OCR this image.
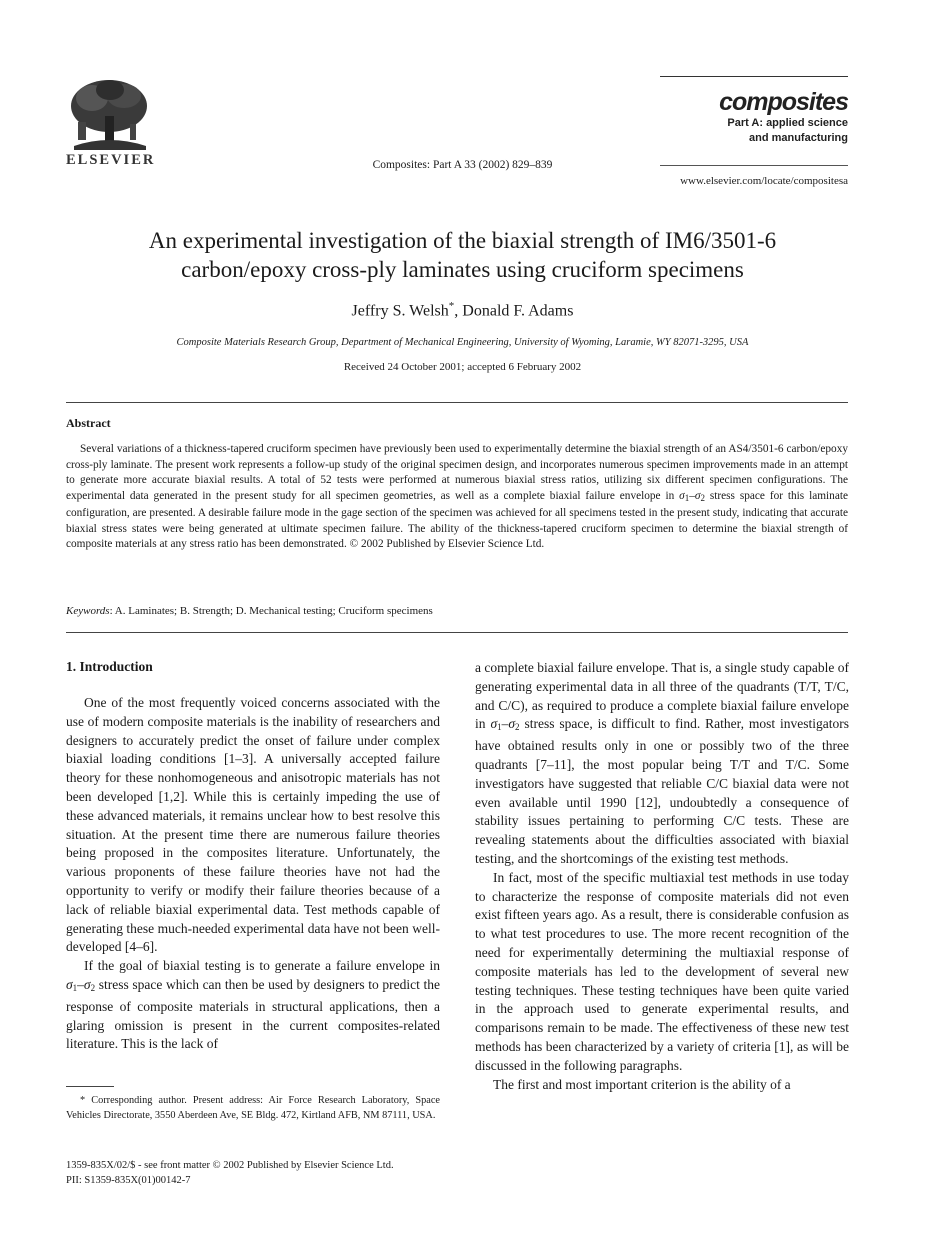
ELSEVIER	Composites: Part A 33 (2002) 829–839
composites
Part A: applied science
and manufacturing
www.elsevier.com/locate/compositesa
An experimental investigation of the biaxial strength of IM6/3501-6
carbon/epoxy cross-ply laminates using cruciform specimens
Jeffry S. Welsh*, Donald F. Adams
Composite Materials Research Group, Department of Mechanical Engineering, University of Wyoming, Laramie, WY 82071-3295, USA
Received 24 October 2001; accepted 6 February 2002
Abstract
Several variations of a thickness-tapered cruciform specimen have previously been used to experimentally determine the biaxial strength of an AS4/3501-6 carbon/epoxy cross-ply laminate. The present work represents a follow-up study of the original specimen design, and incorporates numerous specimen improvements made in an attempt to generate more accurate biaxial results. A total of 52 tests were performed at numerous biaxial stress ratios, utilizing six different specimen configurations. The experimental data generated in the present study for all specimen geometries, as well as a complete biaxial failure envelope in $\sigma_1-\sigma_2$ stress space for this laminate configuration, are presented. A desirable failure mode in the gage section of the specimen was achieved for all specimens tested in the present study, indicating that accurate biaxial stress states were being generated at ultimate specimen failure. The ability of the thickness-tapered cruciform specimen to determine the biaxial strength of composite materials at any stress ratio has been demonstrated. © 2002 Published by Elsevier Science Ltd.
Keywords: A. Laminates; B. Strength; D. Mechanical testing; Cruciform specimens
1. Introduction

One of the most frequently voiced concerns associated with the use of modern composite materials is the inability of researchers and designers to accurately predict the onset of failure under complex biaxial loading conditions [1–3]. A universally accepted failure theory for these nonhomogeneous and anisotropic materials has not been developed [1,2]. While this is certainly impeding the use of these advanced materials, it remains unclear how to best resolve this situation. At the present time there are numerous failure theories being proposed in the composites literature. Unfortunately, the various proponents of these failure theories have not had the opportunity to verify or modify their failure theories because of a lack of reliable biaxial experimental data. Test methods capable of generating these much-needed experimental data have not been well-developed [4–6].

If the goal of biaxial testing is to generate a failure envelope in $\sigma_1-\sigma_2$ stress space which can then be used by designers to predict the response of composite materials in structural applications, then a glaring omission is present in the current composites-related literature. This is the lack of

* Corresponding author. Present address: Air Force Research Laboratory, Space Vehicles Directorate, 3550 Aberdeen Ave, SE Bldg. 472, Kirtland AFB, NM 87111, USA.
1359-835X/02/$ - see front matter © 2002 Published by Elsevier Science Ltd.
PII: S1359-835X(01)00142-7

a complete biaxial failure envelope. That is, a single study capable of generating experimental data in all three of the quadrants (T/T, T/C, and C/C), as required to produce a complete biaxial failure envelope in $\sigma_1-\sigma_2$ stress space, is difficult to find. Rather, most investigators have obtained results only in one or possibly two of the three quadrants [7–11], the most popular being T/T and T/C. Some investigators have suggested that reliable C/C biaxial data were not even available until 1990 [12], undoubtedly a consequence of stability issues pertaining to performing C/C tests. These are revealing statements about the difficulties associated with biaxial testing, and the shortcomings of the existing test methods.

In fact, most of the specific multiaxial test methods in use today to characterize the response of composite materials did not even exist fifteen years ago. As a result, there is considerable confusion as to what test procedures to use. The more recent recognition of the need for experimentally determining the multiaxial response of composite materials has led to the development of several new testing techniques. These testing techniques have been quite varied in the approach used to generate experimental results, and comparisons remain to be made. The effectiveness of these new test methods has been characterized by a variety of criteria [1], as will be discussed in the following paragraphs.

The first and most important criterion is the ability of a
